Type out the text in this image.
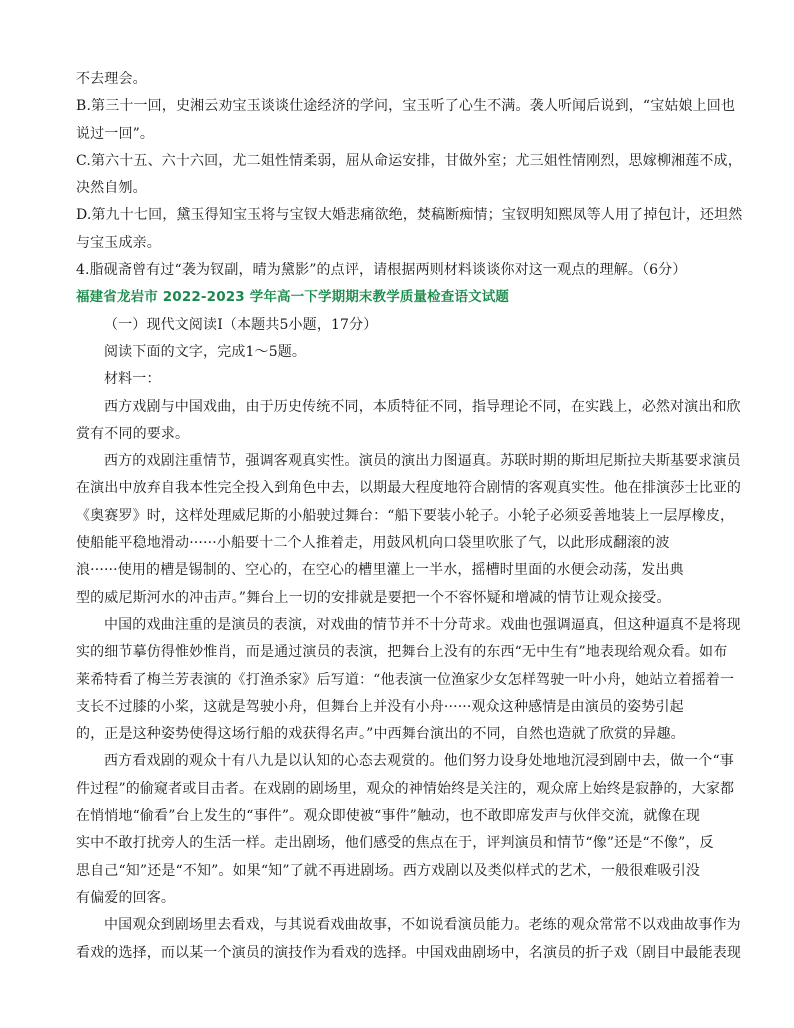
不去理会。
B.第三十一回，史湘云劝宝玉谈谈仕途经济的学问，宝玉听了心生不满。袭人听闻后说到，“宝姑娘上回也
说过一回”。
C.第六十五、六十六回，尤二姐性情柔弱，屈从命运安排，甘做外室；尤三姐性情刚烈，思嫁柳湘莲不成，
决然自刎。
D.第九十七回，黛玉得知宝玉将与宝钗大婚悲痛欲绝，焚稿断痴情；宝钗明知熙凤等人用了掉包计，还坦然
与宝玉成亲。
4.脂砚斋曾有过“袭为钗副，晴为黛影”的点评，请根据两则材料谈谈你对这一观点的理解。（6分）
福建省龙岩市 2022-2023 学年高一下学期期末教学质量检查语文试题
（一）现代文阅读I（本题共5小题，17分）
阅读下面的文字，完成1～5题。
材料一：
西方戏剧与中国戏曲，由于历史传统不同，本质特征不同，指导理论不同，在实践上，必然对演出和欣
赏有不同的要求。
西方的戏剧注重情节，强调客观真实性。演员的演出力图逼真。苏联时期的斯坦尼斯拉夫斯基要求演员
在演出中放弃自我本性完全投入到角色中去，以期最大程度地符合剧情的客观真实性。他在排演莎士比亚的
《奥赛罗》时，这样处理威尼斯的小船驶过舞台：“船下要装小轮子。小轮子必须妥善地装上一层厚橡皮，
使船能平稳地滑动······小船要十二个人推着走，用鼓风机向口袋里吹胀了气，以此形成翻滚的波
浪······使用的槽是锡制的、空心的，在空心的槽里灌上一半水，摇槽时里面的水便会动荡，发出典
型的威尼斯河水的冲击声。”舞台上一切的安排就是要把一个不容怀疑和增减的情节让观众接受。
中国的戏曲注重的是演员的表演，对戏曲的情节并不十分苛求。戏曲也强调逼真，但这种逼真不是将现
实的细节摹仿得惟妙惟肖，而是通过演员的表演，把舞台上没有的东西“无中生有”地表现给观众看。如布
莱希特看了梅兰芳表演的《打渔杀家》后写道：“他表演一位渔家少女怎样驾驶一叶小舟，她站立着摇着一
支长不过膝的小桨，这就是驾驶小舟，但舞台上并没有小舟······观众这种感情是由演员的姿势引起
的，正是这种姿势使得这场行船的戏获得名声。”中西舞台演出的不同，自然也造就了欣赏的异趣。
西方看戏剧的观众十有八九是以认知的心态去观赏的。他们努力设身处地地沉浸到剧中去，做一个“事
件过程”的偷窥者或目击者。在戏剧的剧场里，观众的神情始终是关注的，观众席上始终是寂静的，大家都
在悄悄地“偷看”台上发生的“事件”。观众即使被“事件”触动，也不敢即席发声与伙伴交流，就像在现
实中不敢打扰旁人的生活一样。走出剧场，他们感受的焦点在于，评判演员和情节“像”还是“不像”，反
思自己“知”还是“不知”。如果“知”了就不再进剧场。西方戏剧以及类似样式的艺术，一般很难吸引没
有偏爱的回客。
中国观众到剧场里去看戏，与其说看戏曲故事，不如说看演员能力。老练的观众常常不以戏曲故事作为
看戏的选择，而以某一个演员的演技作为看戏的选择。中国戏曲剧场中，名演员的折子戏（剧目中最能表现
